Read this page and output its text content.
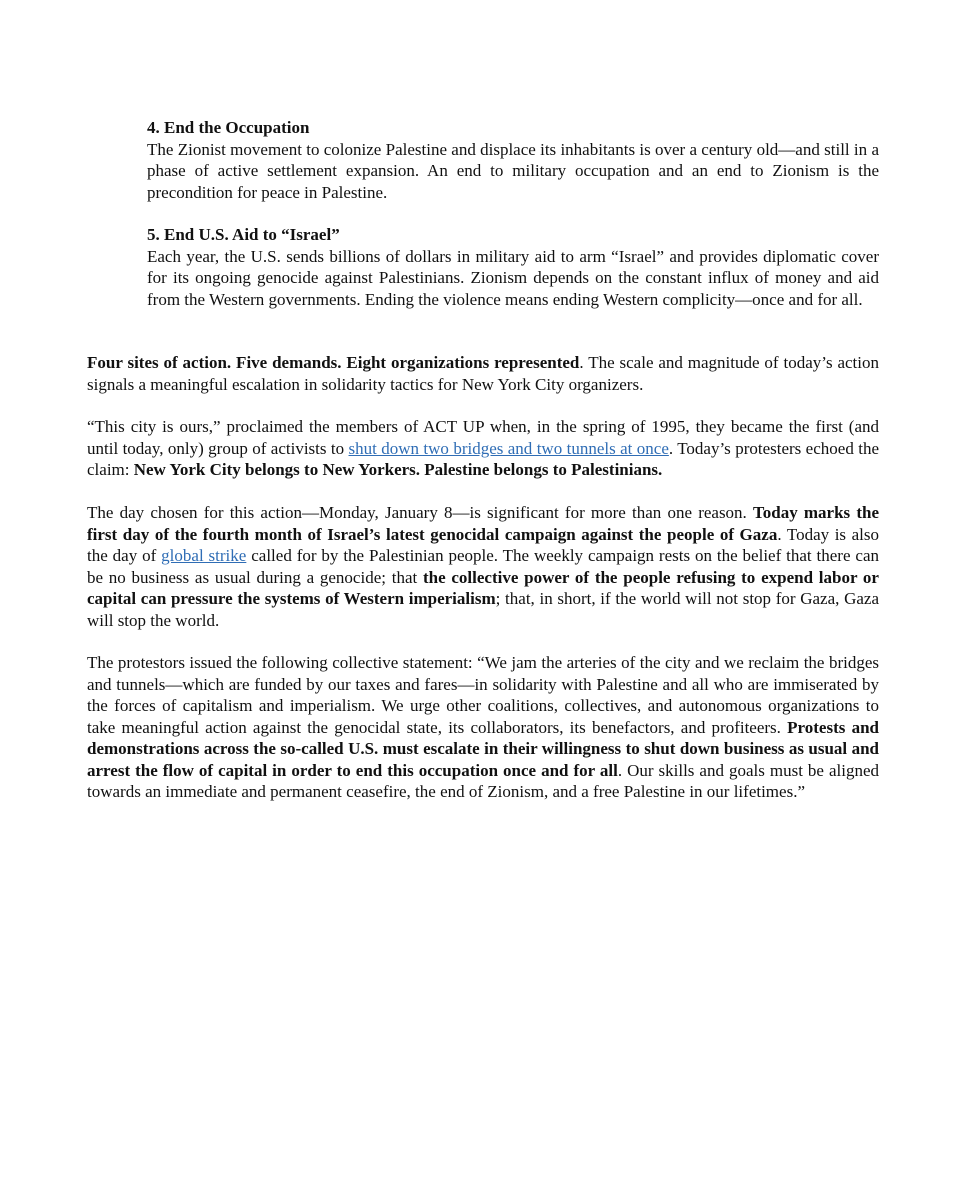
4. End the Occupation

The Zionist movement to colonize Palestine and displace its inhabitants is over a century old—and still in a phase of active settlement expansion. An end to military occupation and an end to Zionism is the precondition for peace in Palestine.

5. End U.S. Aid to “Israel”

Each year, the U.S. sends billions of dollars in military aid to arm “Israel” and provides diplomatic cover for its ongoing genocide against Palestinians. Zionism depends on the constant influx of money and aid from the Western governments. Ending the violence means ending Western complicity—once and for all.

Four sites of action. Five demands. Eight organizations represented. The scale and magnitude of today’s action signals a meaningful escalation in solidarity tactics for New York City organizers.

“This city is ours,” proclaimed the members of ACT UP when, in the spring of 1995, they became the first (and until today, only) group of activists to shut down two bridges and two tunnels at once. Today’s protesters echoed the claim: New York City belongs to New Yorkers. Palestine belongs to Palestinians.

The day chosen for this action—Monday, January 8—is significant for more than one reason. Today marks the first day of the fourth month of Israel’s latest genocidal campaign against the people of Gaza. Today is also the day of global strike called for by the Palestinian people. The weekly campaign rests on the belief that there can be no business as usual during a genocide; that the collective power of the people refusing to expend labor or capital can pressure the systems of Western imperialism; that, in short, if the world will not stop for Gaza, Gaza will stop the world.

The protestors issued the following collective statement: “We jam the arteries of the city and we reclaim the bridges and tunnels—which are funded by our taxes and fares—in solidarity with Palestine and all who are immiserated by the forces of capitalism and imperialism. We urge other coalitions, collectives, and autonomous organizations to take meaningful action against the genocidal state, its collaborators, its benefactors, and profiteers. Protests and demonstrations across the so-called U.S. must escalate in their willingness to shut down business as usual and arrest the flow of capital in order to end this occupation once and for all. Our skills and goals must be aligned towards an immediate and permanent ceasefire, the end of Zionism, and a free Palestine in our lifetimes.”
